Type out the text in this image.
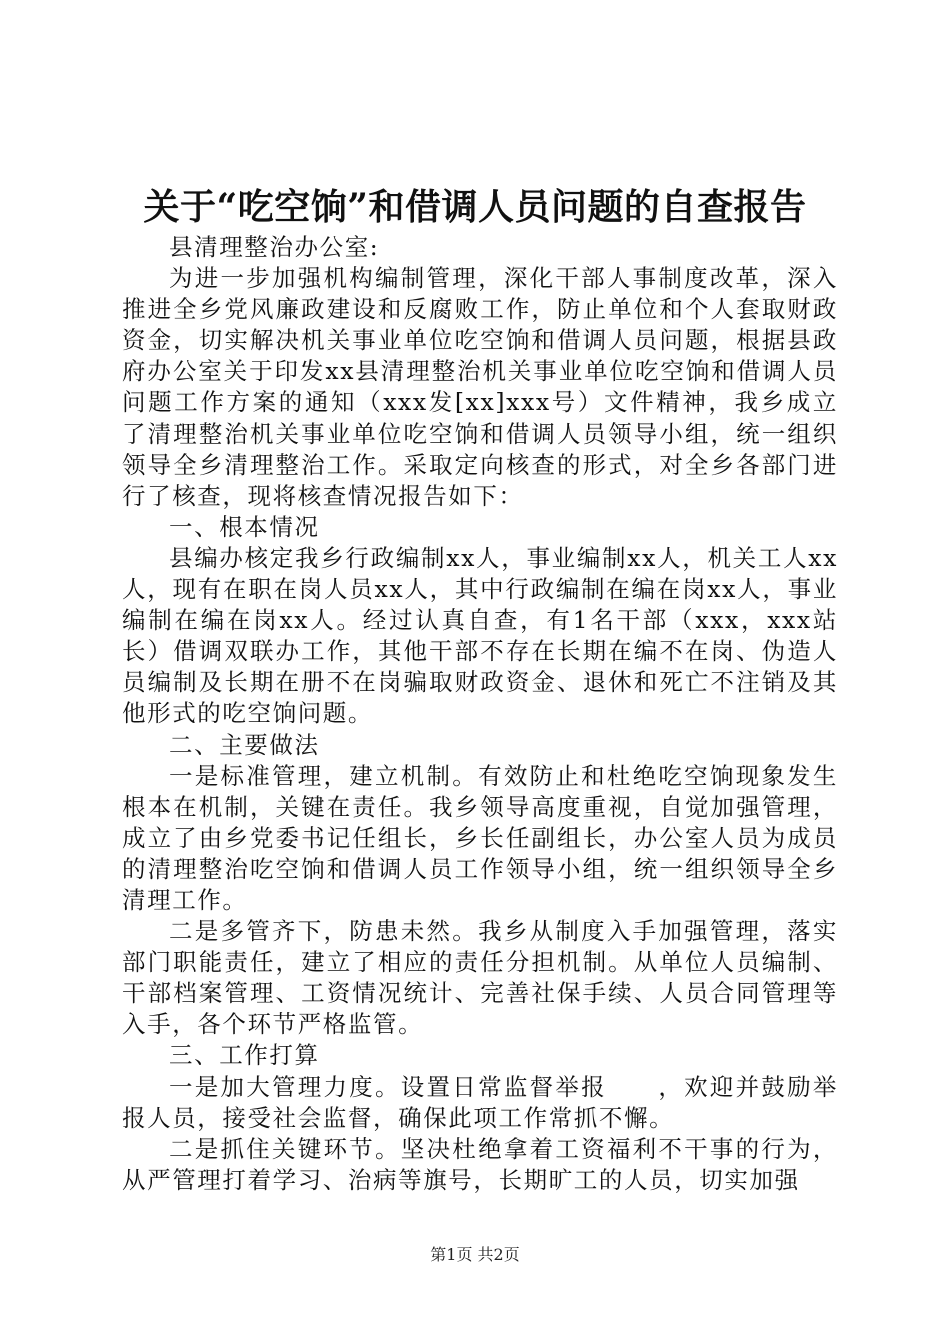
关于“吃空饷”和借调人员问题的自查报告

县清理整治办公室:

为进一步加强机构编制管理，深化干部人事制度改革，深入推进全乡党风廉政建设和反腐败工作，防止单位和个人套取财政资金，切实解决机关事业单位吃空饷和借调人员问题，根据县政府办公室关于印发xx县清理整治机关事业单位吃空饷和借调人员问题工作方案的通知（xxx发[xx]xxx号）文件精神，我乡成立了清理整治机关事业单位吃空饷和借调人员领导小组，统一组织领导全乡清理整治工作。采取定向核查的形式，对全乡各部门进行了核查，现将核查情况报告如下：

一、根本情况

县编办核定我乡行政编制xx人，事业编制xx人，机关工人xx人，现有在职在岗人员xx人，其中行政编制在编在岗xx人，事业编制在编在岗xx人。经过认真自查，有1名干部（xxx，xxx站长）借调双联办工作，其他干部不存在长期在编不在岗、伪造人员编制及长期在册不在岗骗取财政资金、退休和死亡不注销及其他形式的吃空饷问题。

二、主要做法

一是标准管理，建立机制。有效防止和杜绝吃空饷现象发生根本在机制，关键在责任。我乡领导高度重视，自觉加强管理，成立了由乡党委书记任组长，乡长任副组长，办公室人员为成员的清理整治吃空饷和借调人员工作领导小组，统一组织领导全乡清理工作。

二是多管齐下，防患未然。我乡从制度入手加强管理，落实部门职能责任，建立了相应的责任分担机制。从单位人员编制、干部档案管理、工资情况统计、完善社保手续、人员合同管理等入手，各个环节严格监管。

三、工作打算

一是加大管理力度。设置日常监督举报　　，欢迎并鼓励举报人员，接受社会监督，确保此项工作常抓不懈。

二是抓住关键环节。坚决杜绝拿着工资福利不干事的行为，从严管理打着学习、治病等旗号，长期旷工的人员，切实加强

第1页 共2页
